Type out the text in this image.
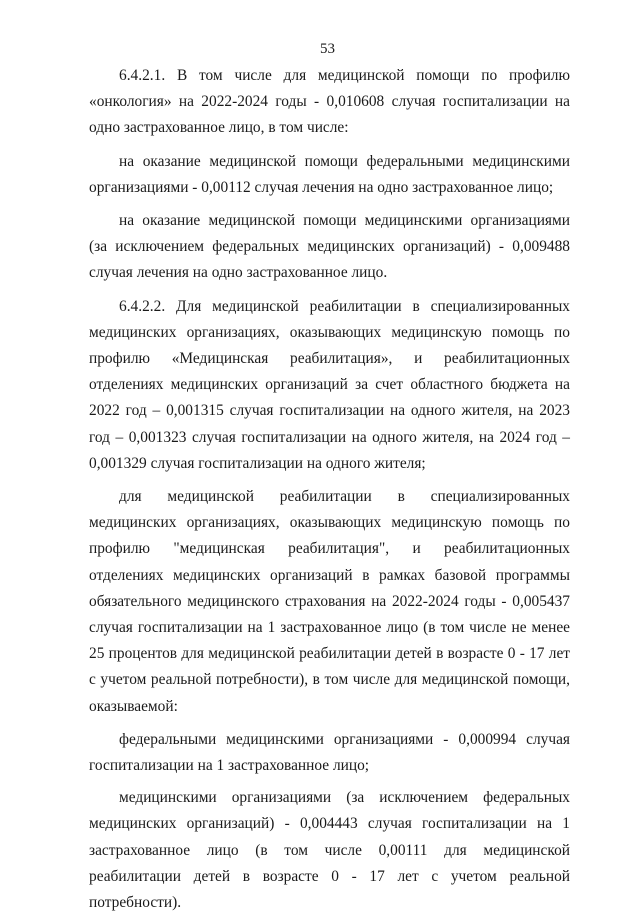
53

6.4.2.1. В том числе для медицинской помощи по профилю «онкология» на 2022-2024 годы - 0,010608 случая госпитализации на одно застрахованное лицо, в том числе:

на оказание медицинской помощи федеральными медицинскими организациями - 0,00112 случая лечения на одно застрахованное лицо;

на оказание медицинской помощи медицинскими организациями (за исключением федеральных медицинских организаций) - 0,009488 случая лечения на одно застрахованное лицо.

6.4.2.2. Для медицинской реабилитации в специализированных медицинских организациях, оказывающих медицинскую помощь по профилю «Медицинская реабилитация», и реабилитационных отделениях медицинских организаций за счет областного бюджета на 2022 год – 0,001315 случая госпитализации на одного жителя, на 2023 год – 0,001323 случая госпитализации на одного жителя, на 2024 год – 0,001329 случая госпитализации на одного жителя;

для медицинской реабилитации в специализированных медицинских организациях, оказывающих медицинскую помощь по профилю "медицинская реабилитация", и реабилитационных отделениях медицинских организаций в рамках базовой программы обязательного медицинского страхования на 2022-2024 годы - 0,005437 случая госпитализации на 1 застрахованное лицо (в том числе не менее 25 процентов для медицинской реабилитации детей в возрасте 0 - 17 лет с учетом реальной потребности), в том числе для медицинской помощи, оказываемой:

федеральными медицинскими организациями - 0,000994 случая госпитализации на 1 застрахованное лицо;

медицинскими организациями (за исключением федеральных медицинских организаций) - 0,004443 случая госпитализации на 1 застрахованное лицо (в том числе 0,00111 для медицинской реабилитации детей в возрасте 0 - 17 лет с учетом реальной потребности).
